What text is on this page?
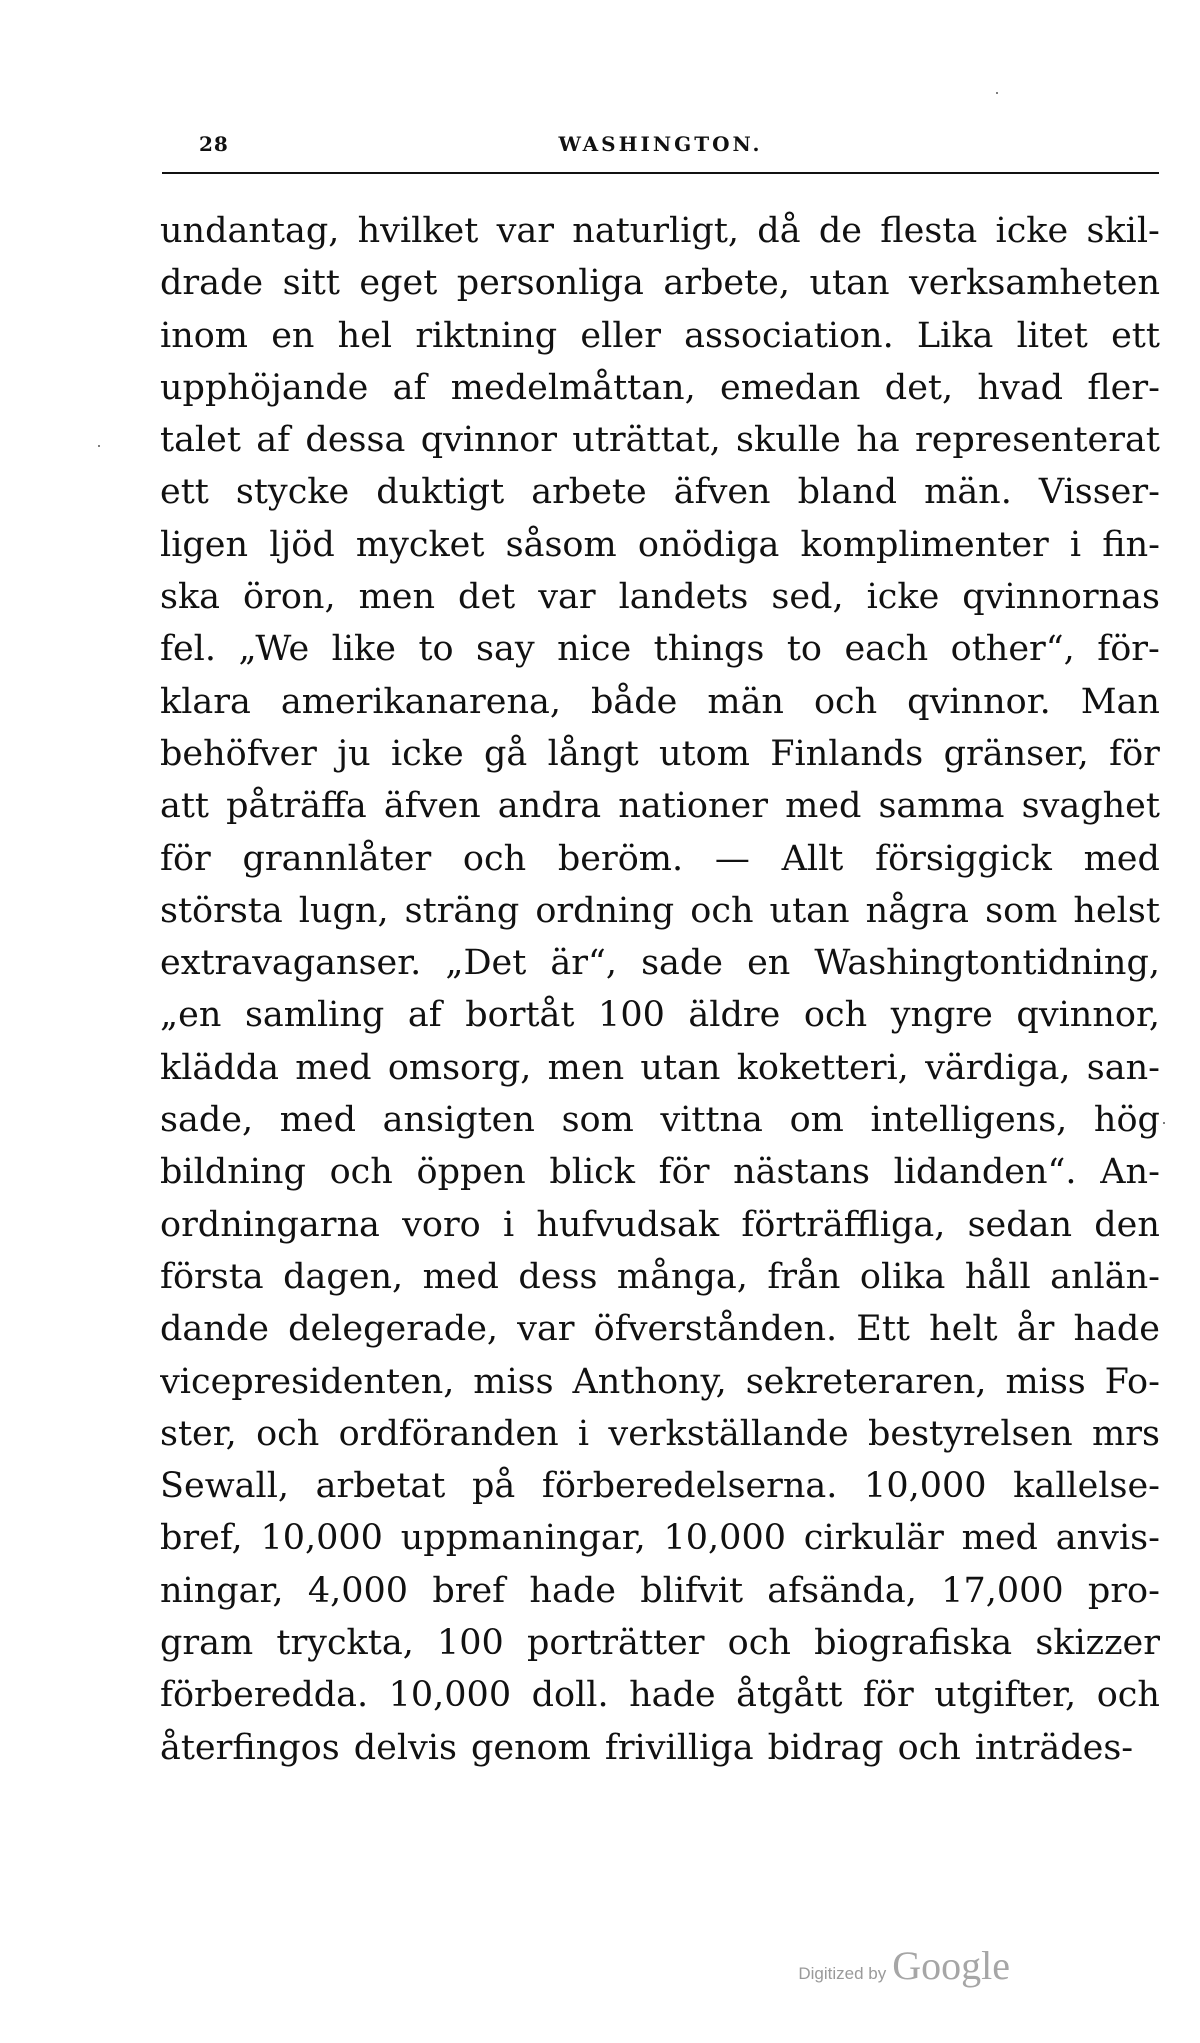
28	WASHINGTON.
undantag, hvilket var naturligt, då de flesta icke skil-
drade sitt eget personliga arbete, utan verksamheten
inom en hel riktning eller association. Lika litet ett
upphöjande af medelmåttan, emedan det, hvad fler-
talet af dessa qvinnor uträttat, skulle ha representerat
ett stycke duktigt arbete äfven bland män. Visser-
ligen ljöd mycket såsom onödiga komplimenter i fin-
ska öron, men det var landets sed, icke qvinnornas
fel. „We like to say nice things to each other“, för-
klara amerikanarena, både män och qvinnor. Man
behöfver ju icke gå långt utom Finlands gränser, för
att påträffa äfven andra nationer med samma svaghet
för grannlåter och beröm. — Allt försiggick med
största lugn, sträng ordning och utan några som helst
extravaganser. „Det är“, sade en Washingtontidning,
„en samling af bortåt 100 äldre och yngre qvinnor,
klädda med omsorg, men utan koketteri, värdiga, san-
sade, med ansigten som vittna om intelligens, hög
bildning och öppen blick för nästans lidanden“. An-
ordningarna voro i hufvudsak förträffliga, sedan den
första dagen, med dess många, från olika håll anlän-
dande delegerade, var öfverstånden. Ett helt år hade
vicepresidenten, miss Anthony, sekreteraren, miss Fo-
ster, och ordföranden i verkställande bestyrelsen mrs
Sewall, arbetat på förberedelserna. 10,000 kallelse-
bref, 10,000 uppmaningar, 10,000 cirkulär med anvis-
ningar, 4,000 bref hade blifvit afsända, 17,000 pro-
gram tryckta, 100 porträtter och biografiska skizzer
förberedda. 10,000 doll. hade åtgått för utgifter, och
återfingos delvis genom frivilliga bidrag och inträdes-
Digitized by Google
